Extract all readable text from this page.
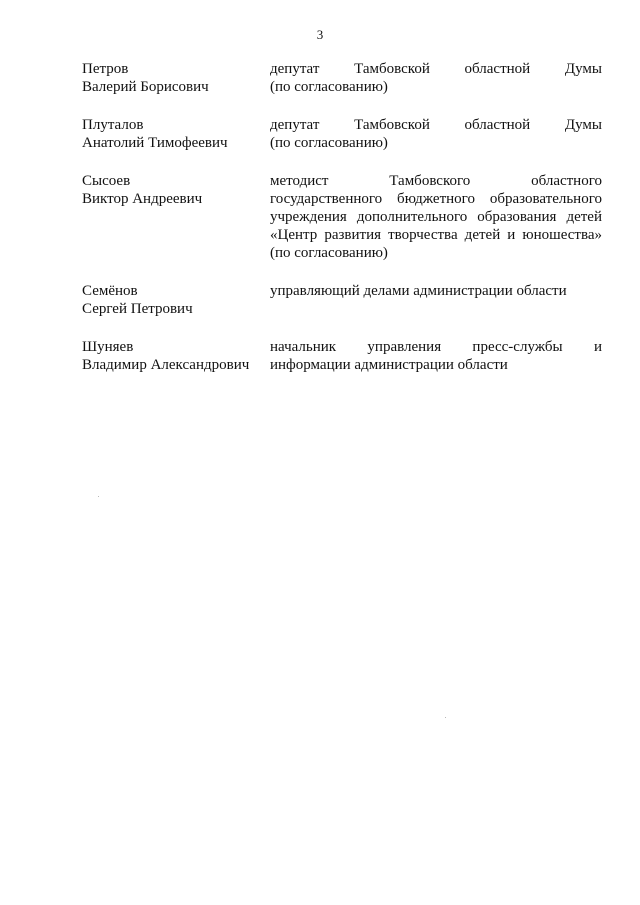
3
Петров
Валерий Борисович
депутат Тамбовской областной Думы
(по согласованию)
Плуталов
Анатолий Тимофеевич
депутат Тамбовской областной Думы
(по согласованию)
Сысоев
Виктор Андреевич
методист Тамбовского областного
государственного бюджетного образовательного
учреждения дополнительного образования детей
«Центр развития творчества детей и юношества»
(по согласованию)
Семёнов
Сергей Петрович
управляющий делами администрации области
Шуняев
Владимир Александрович
начальник управления пресс-службы и
информации администрации области
